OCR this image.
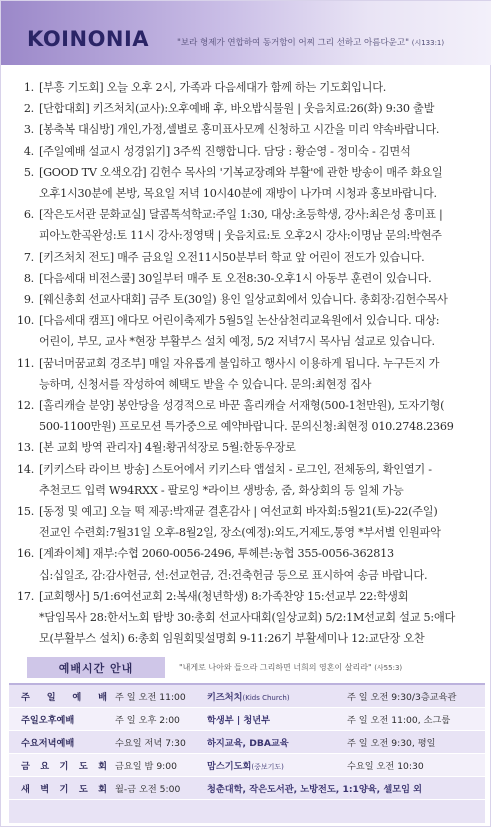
KOINONIA	"보라 형제가 연합하여 동거함이 어찌 그리 선하고 아름다운고" (시133:1)
1. [부흥 기도회] 오늘 오후 2시, 가족과 다음세대가 함께 하는 기도회입니다.
2. [단합대회] 키즈처치(교사):오후예배 후, 바오밥식물원 | 웃음치료:26(화) 9:30 출발
3. [봉축복 대심방] 개인,가정,셀별로 홍미표사모께 신청하고 시간을 미리 약속바랍니다.
4. [주일예배 설교시 성경읽기] 3주씩 진행합니다. 담당 : 황순영 - 정미숙 - 김면석
5. [GOOD TV 오색오감] 김헌수 목사의 '기복교장례와 부활'에 관한 방송이 매주 화요일
오후1시30분에 본방, 목요일 저녁 10시40분에 재방이 나가며 시청과 홍보바랍니다.
6. [작은도서관 문화교실] 달콤톡석학교:주일 1:30, 대상:초등학생, 강사:최은성 홍미표 |
피아노한곡완성:토 11시 강사:정영택 | 웃음치료:토 오후2시 강사:이명남 문의:박현주
7. [키즈처치 전도] 매주 금요일 오전11시50분부터 학교 앞 어린이 전도가 있습니다.
8. [다음세대 비전스쿨] 30일부터 매주 토 오전8:30-오후1시 아동부 훈련이 있습니다.
9. [웨신총회 선교사대회] 금주 토(30일) 용인 일상교회에서 있습니다. 총회장:김헌수목사
10. [다음세대 캠프] 애다모 어린이축제가 5월5일 논산삼천리교육원에서 있습니다. 대상:
어린이, 부모, 교사 *현장 부활부스 설치 예정, 5/2 저녁7시 목사님 설교로 있습니다.
11. [꿈너머꿈교회 경조부] 매일 자유롭게 불입하고 행사시 이용하게 됩니다. 누구든지 가
능하며, 신청서를 작성하여 혜택도 받을 수 있습니다. 문의:최현정 집사
12. [홀리캐슬 분양] 봉안당을 성경적으로 바꾼 홀리캐슬 서재형(500-1천만원), 도자기형(
500-1100만원) 프로모션 특가중으로 예약바랍니다. 문의신청:최현정 010.2748.2369
13. [본 교회 방역 관리자] 4월:황귀석장로 5월:한동우장로
14. [키키스타 라이브 방송] 스토어에서 키키스타 앱설치 - 로그인, 전체동의, 확인열기 -
추천코드 입력 W94RXX - 팔로잉 *라이브 생방송, 줌, 화상회의 등 일체 가능
15. [동정 및 예고] 오늘 떡 제공:박재균 결혼감사 | 여선교회 바자회:5월21(토)-22(주일)
전교인 수련회:7월31일 오후-8월2일, 장소(예정):외도,거제도,통영 *부서별 인원파악
16. [계좌이체] 재부:수협 2060-0056-2496, 투헤븐:농협 355-0056-362813
십:십일조, 감:감사헌금, 선:선교헌금, 건:건축헌금 등으로 표시하여 송금 바랍니다.
17. [교회행사] 5/1:6여선교회 2:복새(청년학생) 8:가족찬양 15:선교부 22:학생회
*담임목사 28:한서노회 탐방 30:총회 선교사대회(일상교회) 5/2:1M선교회 설교 5:애다
모(부활부스 설치) 6:총회 임원회및설명회 9-11:26기 부활세미나 12:교단장 오찬
예배시간 안내	"내게로 나아와 들으라 그리하면 너희의 영혼이 살리라" (사55:3)
주 일 예 배 주 일 오전 11:00	키즈처치(Kids Church)	주 일 오전 9:30/3층교육관
주일오후예배	주 일 오후 2:00	학생부 | 청년부	주 일 오전 11:00, 소그룹
수요저녁예배	수요일 저녁 7:30	하지교육, DBA교육	주 일 오전 9:30, 평일
금 요 기 도 회 금요일 밤 9:00	맘스기도회(중보기도)	수요일 오전 10:30
새 벽 기 도 회 월-금 오전 5:00	청춘대학, 작은도서관, 노방전도, 1:1양육, 셀모임 외
